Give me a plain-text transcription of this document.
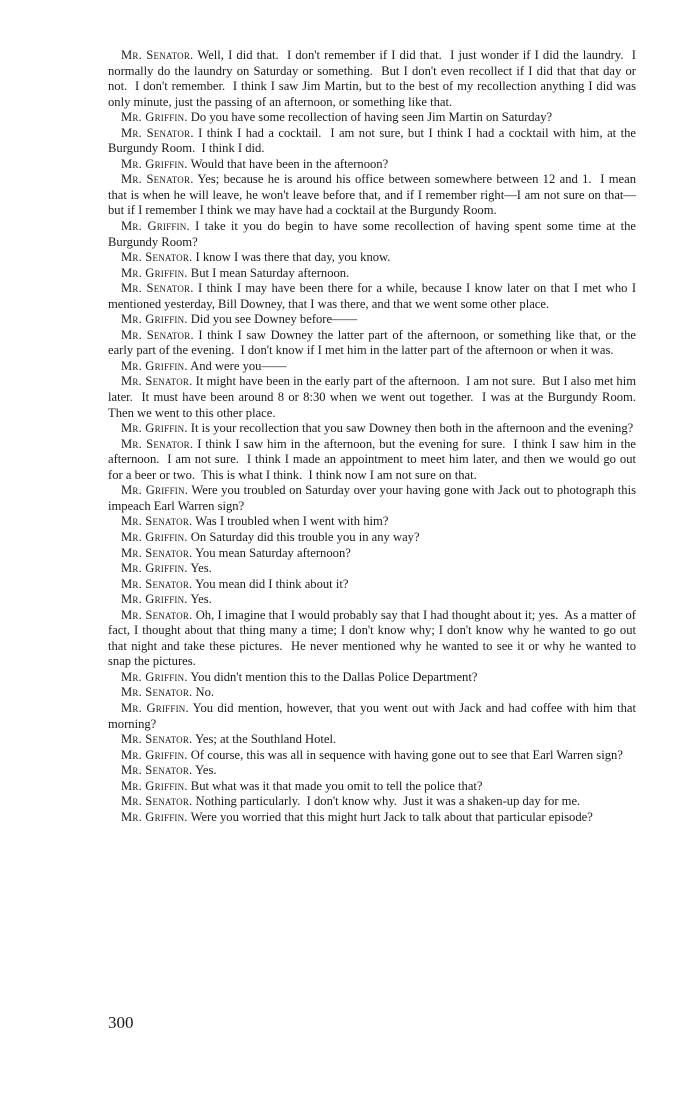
Mr. Senator. Well, I did that.  I don't remember if I did that.  I just wonder if I did the laundry.  I normally do the laundry on Saturday or something.  But I don't even recollect if I did that that day or not.  I don't remember.  I think I saw Jim Martin, but to the best of my recollection anything I did was only minute, just the passing of an afternoon, or something like that.

Mr. Griffin. Do you have some recollection of having seen Jim Martin on Saturday?

Mr. Senator. I think I had a cocktail.  I am not sure, but I think I had a cocktail with him, at the Burgundy Room.  I think I did.

Mr. Griffin. Would that have been in the afternoon?

Mr. Senator. Yes; because he is around his office between somewhere between 12 and 1.  I mean that is when he will leave, he won't leave before that, and if I remember right—I am not sure on that—but if I remember I think we may have had a cocktail at the Burgundy Room.

Mr. Griffin. I take it you do begin to have some recollection of having spent some time at the Burgundy Room?

Mr. Senator. I know I was there that day, you know.

Mr. Griffin. But I mean Saturday afternoon.

Mr. Senator. I think I may have been there for a while, because I know later on that I met who I mentioned yesterday, Bill Downey, that I was there, and that we went some other place.

Mr. Griffin. Did you see Downey before——

Mr. Senator. I think I saw Downey the latter part of the afternoon, or something like that, or the early part of the evening.  I don't know if I met him in the latter part of the afternoon or when it was.

Mr. Griffin. And were you——

Mr. Senator. It might have been in the early part of the afternoon.  I am not sure.  But I also met him later.  It must have been around 8 or 8:30 when we went out together.  I was at the Burgundy Room.  Then we went to this other place.

Mr. Griffin. It is your recollection that you saw Downey then both in the afternoon and the evening?

Mr. Senator. I think I saw him in the afternoon, but the evening for sure.  I think I saw him in the afternoon.  I am not sure.  I think I made an appointment to meet him later, and then we would go out for a beer or two.  This is what I think.  I think now I am not sure on that.

Mr. Griffin. Were you troubled on Saturday over your having gone with Jack out to photograph this impeach Earl Warren sign?

Mr. Senator. Was I troubled when I went with him?

Mr. Griffin. On Saturday did this trouble you in any way?

Mr. Senator. You mean Saturday afternoon?

Mr. Griffin. Yes.

Mr. Senator. You mean did I think about it?

Mr. Griffin. Yes.

Mr. Senator. Oh, I imagine that I would probably say that I had thought about it; yes.  As a matter of fact, I thought about that thing many a time; I don't know why; I don't know why he wanted to go out that night and take these pictures.  He never mentioned why he wanted to see it or why he wanted to snap the pictures.

Mr. Griffin. You didn't mention this to the Dallas Police Department?

Mr. Senator. No.

Mr. Griffin. You did mention, however, that you went out with Jack and had coffee with him that morning?

Mr. Senator. Yes; at the Southland Hotel.

Mr. Griffin. Of course, this was all in sequence with having gone out to see that Earl Warren sign?

Mr. Senator. Yes.

Mr. Griffin. But what was it that made you omit to tell the police that?

Mr. Senator. Nothing particularly.  I don't know why.  Just it was a shaken-up day for me.

Mr. Griffin. Were you worried that this might hurt Jack to talk about that particular episode?

300
